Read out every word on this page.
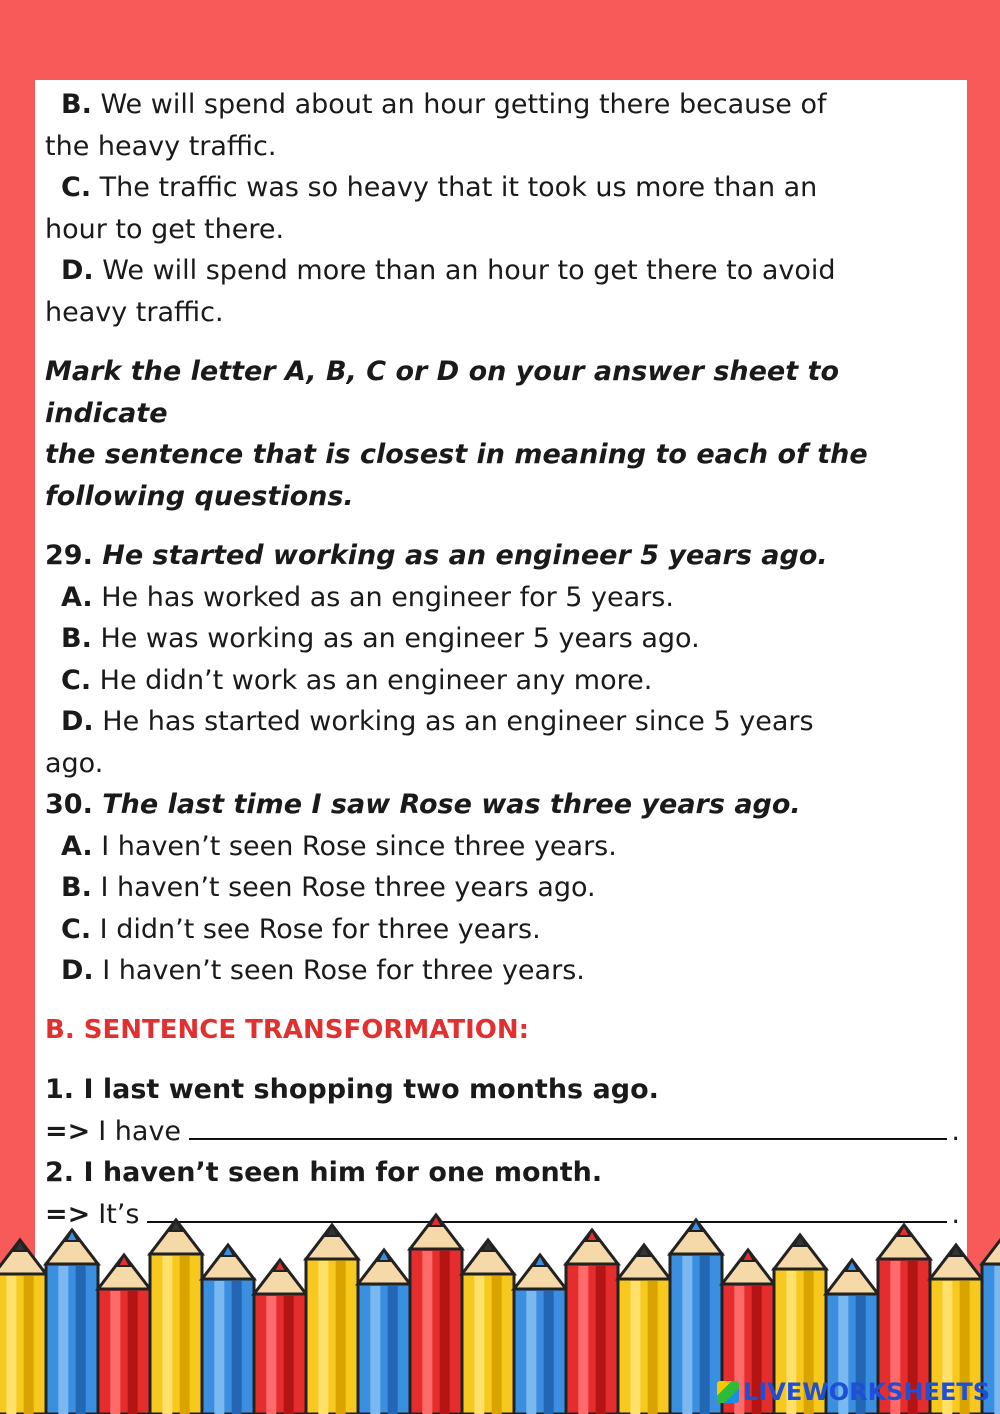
B. We will spend about an hour getting there because of
the heavy traffic.
C. The traffic was so heavy that it took us more than an
hour to get there.
D. We will spend more than an hour to get there to avoid
heavy traffic.
Mark the letter A, B, C or D on your answer sheet to indicate
the sentence that is closest in meaning to each of the
following questions.
29. He started working as an engineer 5 years ago.
A. He has worked as an engineer for 5 years.
B. He was working as an engineer 5 years ago.
C. He didn’t work as an engineer any more.
D. He has started working as an engineer since 5 years
ago.
30. The last time I saw Rose was three years ago.
A. I haven’t seen Rose since three years.
B. I haven’t seen Rose three years ago.
C. I didn’t see Rose for three years.
D. I haven’t seen Rose for three years.
B. SENTENCE TRANSFORMATION:
1. I last went shopping two months ago.
=> I have	.
2. I haven’t seen him for one month.
=> It’s	.
LIVEWORKSHEETS
